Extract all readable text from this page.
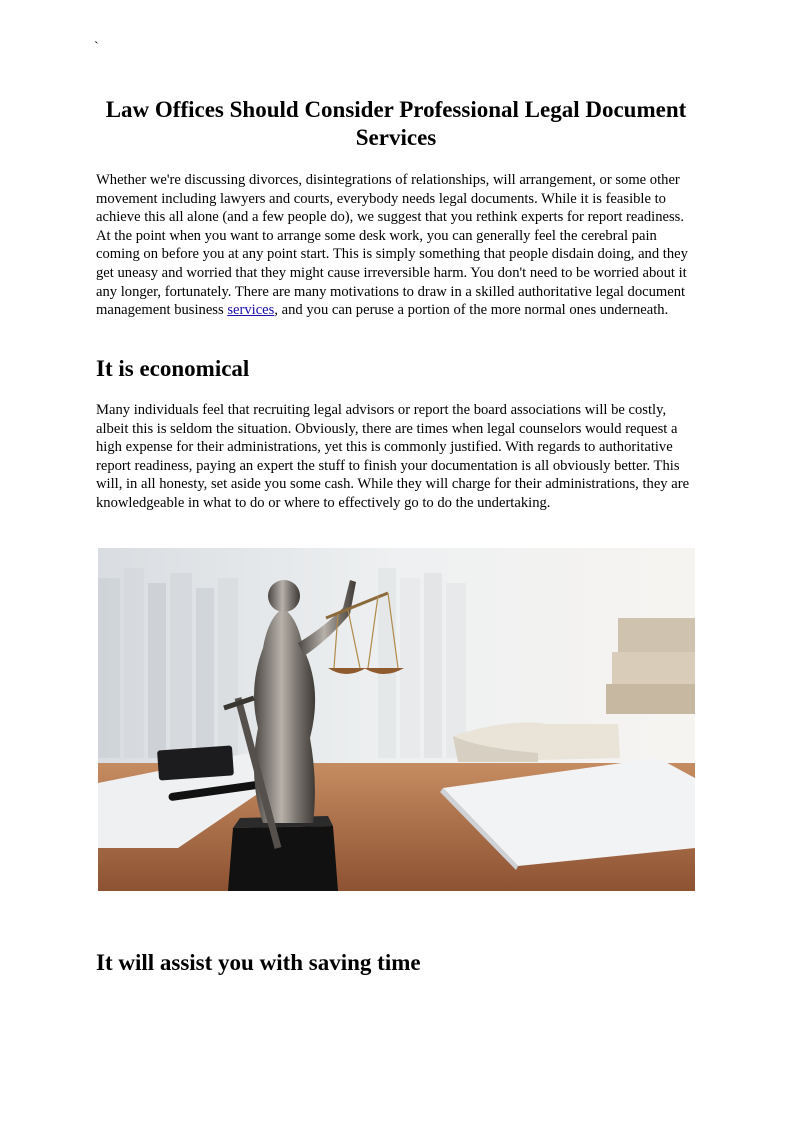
`
Law Offices Should Consider Professional Legal Document Services

Whether we're discussing divorces, disintegrations of relationships, will arrangement, or some other movement including lawyers and courts, everybody needs legal documents. While it is feasible to achieve this all alone (and a few people do), we suggest that you rethink experts for report readiness. At the point when you want to arrange some desk work, you can generally feel the cerebral pain coming on before you at any point start. This is simply something that people disdain doing, and they get uneasy and worried that they might cause irreversible harm. You don't need to be worried about it any longer, fortunately. There are many motivations to draw in a skilled authoritative legal document management business services, and you can peruse a portion of the more normal ones underneath.

It is economical

Many individuals feel that recruiting legal advisors or report the board associations will be costly, albeit this is seldom the situation. Obviously, there are times when legal counselors would request a high expense for their administrations, yet this is commonly justified. With regards to authoritative report readiness, paying an expert the stuff to finish your documentation is all obviously better. This will, in all honesty, set aside you some cash. While they will charge for their administrations, they are knowledgeable in what to do or where to effectively go to do the undertaking.

It will assist you with saving time
